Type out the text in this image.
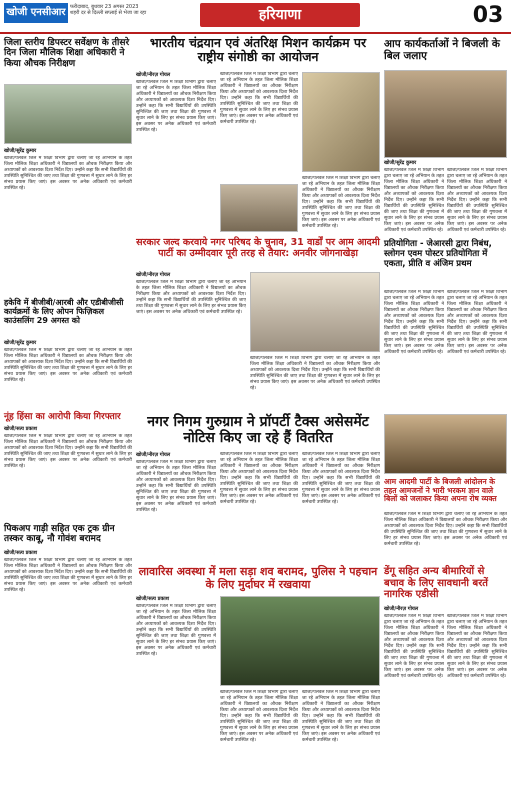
खोजी एनसीआर फरीदाबाद, बुधवार 23 अगस्त 2023
शहरी दर से दिल्ली सप्लाई से भेजा जा रहा	हरियाणा	03
जिला स्तरीय डिपस्टर सर्वेक्षण के तीसरे दिन जिला मौलिक शिक्षा अधिकारी ने किया औचक निरीक्षण
खोजी/सुरेंद्र कुमार
खोजी/पलवल जिले में शिक्षा विभाग द्वारा चलाए जा रहे अभियान के तहत जिला मौलिक शिक्षा अधिकारी ने विद्यालयों का औचक निरीक्षण किया और अध्यापकों को आवश्यक दिशा निर्देश दिए। उन्होंने कहा कि सभी विद्यार्थियों की उपस्थिति सुनिश्चित की जाए तथा शिक्षा की गुणवत्ता में सुधार लाने के लिए हर संभव प्रयास किए जाएं। इस अवसर पर अनेक अधिकारी एवं कर्मचारी उपस्थित रहे।
भारतीय चंद्रयान एवं अंतरिक्ष मिशन कार्यक्रम पर राष्ट्रीय संगोष्ठी का आयोजन
खोजी/नीरज़ गोयल
खोजी/पलवल जिले में शिक्षा विभाग द्वारा चलाए जा रहे अभियान के तहत जिला मौलिक शिक्षा अधिकारी ने विद्यालयों का औचक निरीक्षण किया और अध्यापकों को आवश्यक दिशा निर्देश दिए। उन्होंने कहा कि सभी विद्यार्थियों की उपस्थिति सुनिश्चित की जाए तथा शिक्षा की गुणवत्ता में सुधार लाने के लिए हर संभव प्रयास किए जाएं। इस अवसर पर अनेक अधिकारी एवं कर्मचारी उपस्थित रहे।
खोजी/पलवल जिले में शिक्षा विभाग द्वारा चलाए जा रहे अभियान के तहत जिला मौलिक शिक्षा अधिकारी ने विद्यालयों का औचक निरीक्षण किया और अध्यापकों को आवश्यक दिशा निर्देश दिए। उन्होंने कहा कि सभी विद्यार्थियों की उपस्थिति सुनिश्चित की जाए तथा शिक्षा की गुणवत्ता में सुधार लाने के लिए हर संभव प्रयास किए जाएं। इस अवसर पर अनेक अधिकारी एवं कर्मचारी उपस्थित रहे।
खोजी/पलवल जिले में शिक्षा विभाग द्वारा चलाए जा रहे अभियान के तहत जिला मौलिक शिक्षा अधिकारी ने विद्यालयों का औचक निरीक्षण किया और अध्यापकों को आवश्यक दिशा निर्देश दिए। उन्होंने कहा कि सभी विद्यार्थियों की उपस्थिति सुनिश्चित की जाए तथा शिक्षा की गुणवत्ता में सुधार लाने के लिए हर संभव प्रयास किए जाएं। इस अवसर पर अनेक अधिकारी एवं कर्मचारी उपस्थित रहे।
आप कार्यकर्ताओं ने बिजली के बिल जलाए
खोजी/सुरेंद्र कुमार
खोजी/पलवल जिले में शिक्षा विभाग द्वारा चलाए जा रहे अभियान के तहत जिला मौलिक शिक्षा अधिकारी ने विद्यालयों का औचक निरीक्षण किया और अध्यापकों को आवश्यक दिशा निर्देश दिए। उन्होंने कहा कि सभी विद्यार्थियों की उपस्थिति सुनिश्चित की जाए तथा शिक्षा की गुणवत्ता में सुधार लाने के लिए हर संभव प्रयास किए जाएं। इस अवसर पर अनेक अधिकारी एवं कर्मचारी उपस्थित रहे।
खोजी/पलवल जिले में शिक्षा विभाग द्वारा चलाए जा रहे अभियान के तहत जिला मौलिक शिक्षा अधिकारी ने विद्यालयों का औचक निरीक्षण किया और अध्यापकों को आवश्यक दिशा निर्देश दिए। उन्होंने कहा कि सभी विद्यार्थियों की उपस्थिति सुनिश्चित की जाए तथा शिक्षा की गुणवत्ता में सुधार लाने के लिए हर संभव प्रयास किए जाएं। इस अवसर पर अनेक अधिकारी एवं कर्मचारी उपस्थित रहे।
हकेवि में बीजीबी/आरबी और एडीबीजीसी कार्यक्रमों के लिए ओपन फिज़िकल काउंसलिंग 29 अगस्त को
खोजी/सुरेंद्र कुमार
खोजी/पलवल जिले में शिक्षा विभाग द्वारा चलाए जा रहे अभियान के तहत जिला मौलिक शिक्षा अधिकारी ने विद्यालयों का औचक निरीक्षण किया और अध्यापकों को आवश्यक दिशा निर्देश दिए। उन्होंने कहा कि सभी विद्यार्थियों की उपस्थिति सुनिश्चित की जाए तथा शिक्षा की गुणवत्ता में सुधार लाने के लिए हर संभव प्रयास किए जाएं। इस अवसर पर अनेक अधिकारी एवं कर्मचारी उपस्थित रहे।
सरकार जल्द करवाये नगर परिषद के चुनाव, 31 वार्डों पर आम आदमी पार्टी का उम्मीदवार पूरी तरह से तैयार: अनवीर जोगनाखेड़ा
खोजी/नीरज़ गोयल
खोजी/पलवल जिले में शिक्षा विभाग द्वारा चलाए जा रहे अभियान के तहत जिला मौलिक शिक्षा अधिकारी ने विद्यालयों का औचक निरीक्षण किया और अध्यापकों को आवश्यक दिशा निर्देश दिए। उन्होंने कहा कि सभी विद्यार्थियों की उपस्थिति सुनिश्चित की जाए तथा शिक्षा की गुणवत्ता में सुधार लाने के लिए हर संभव प्रयास किए जाएं। इस अवसर पर अनेक अधिकारी एवं कर्मचारी उपस्थित रहे।
खोजी/पलवल जिले में शिक्षा विभाग द्वारा चलाए जा रहे अभियान के तहत जिला मौलिक शिक्षा अधिकारी ने विद्यालयों का औचक निरीक्षण किया और अध्यापकों को आवश्यक दिशा निर्देश दिए। उन्होंने कहा कि सभी विद्यार्थियों की उपस्थिति सुनिश्चित की जाए तथा शिक्षा की गुणवत्ता में सुधार लाने के लिए हर संभव प्रयास किए जाएं। इस अवसर पर अनेक अधिकारी एवं कर्मचारी उपस्थित रहे।
प्रतियोगिता - जेआरसी द्वारा निबंध, स्लोगन एवम पोस्टर प्रतियोगिता में एकता, प्रीति व अंजिम प्रथम
खोजी/पलवल जिले में शिक्षा विभाग द्वारा चलाए जा रहे अभियान के तहत जिला मौलिक शिक्षा अधिकारी ने विद्यालयों का औचक निरीक्षण किया और अध्यापकों को आवश्यक दिशा निर्देश दिए। उन्होंने कहा कि सभी विद्यार्थियों की उपस्थिति सुनिश्चित की जाए तथा शिक्षा की गुणवत्ता में सुधार लाने के लिए हर संभव प्रयास किए जाएं। इस अवसर पर अनेक अधिकारी एवं कर्मचारी उपस्थित रहे।
खोजी/पलवल जिले में शिक्षा विभाग द्वारा चलाए जा रहे अभियान के तहत जिला मौलिक शिक्षा अधिकारी ने विद्यालयों का औचक निरीक्षण किया और अध्यापकों को आवश्यक दिशा निर्देश दिए। उन्होंने कहा कि सभी विद्यार्थियों की उपस्थिति सुनिश्चित की जाए तथा शिक्षा की गुणवत्ता में सुधार लाने के लिए हर संभव प्रयास किए जाएं। इस अवसर पर अनेक अधिकारी एवं कर्मचारी उपस्थित रहे।
नूंह हिंसा का आरोपी किया गिरफ्तार
खोजी/सत्य प्रकाश
खोजी/पलवल जिले में शिक्षा विभाग द्वारा चलाए जा रहे अभियान के तहत जिला मौलिक शिक्षा अधिकारी ने विद्यालयों का औचक निरीक्षण किया और अध्यापकों को आवश्यक दिशा निर्देश दिए। उन्होंने कहा कि सभी विद्यार्थियों की उपस्थिति सुनिश्चित की जाए तथा शिक्षा की गुणवत्ता में सुधार लाने के लिए हर संभव प्रयास किए जाएं। इस अवसर पर अनेक अधिकारी एवं कर्मचारी उपस्थित रहे।
नगर निगम गुरुग्राम ने प्रॉपर्टी टैक्स असेसमेंट नोटिस किए जा रहे हैं वितरित
खोजी/नीरज़ गोयल
खोजी/पलवल जिले में शिक्षा विभाग द्वारा चलाए जा रहे अभियान के तहत जिला मौलिक शिक्षा अधिकारी ने विद्यालयों का औचक निरीक्षण किया और अध्यापकों को आवश्यक दिशा निर्देश दिए। उन्होंने कहा कि सभी विद्यार्थियों की उपस्थिति सुनिश्चित की जाए तथा शिक्षा की गुणवत्ता में सुधार लाने के लिए हर संभव प्रयास किए जाएं। इस अवसर पर अनेक अधिकारी एवं कर्मचारी उपस्थित रहे।
खोजी/पलवल जिले में शिक्षा विभाग द्वारा चलाए जा रहे अभियान के तहत जिला मौलिक शिक्षा अधिकारी ने विद्यालयों का औचक निरीक्षण किया और अध्यापकों को आवश्यक दिशा निर्देश दिए। उन्होंने कहा कि सभी विद्यार्थियों की उपस्थिति सुनिश्चित की जाए तथा शिक्षा की गुणवत्ता में सुधार लाने के लिए हर संभव प्रयास किए जाएं। इस अवसर पर अनेक अधिकारी एवं कर्मचारी उपस्थित रहे।
खोजी/पलवल जिले में शिक्षा विभाग द्वारा चलाए जा रहे अभियान के तहत जिला मौलिक शिक्षा अधिकारी ने विद्यालयों का औचक निरीक्षण किया और अध्यापकों को आवश्यक दिशा निर्देश दिए। उन्होंने कहा कि सभी विद्यार्थियों की उपस्थिति सुनिश्चित की जाए तथा शिक्षा की गुणवत्ता में सुधार लाने के लिए हर संभव प्रयास किए जाएं। इस अवसर पर अनेक अधिकारी एवं कर्मचारी उपस्थित रहे।
आम आदमी पार्टी के बिजली आंदोलन के तहत आमजनों ने भारी भरकम ज्ञान वाले बिलों को जलाकर किया अपना रोष व्यक्त
खोजी/पलवल जिले में शिक्षा विभाग द्वारा चलाए जा रहे अभियान के तहत जिला मौलिक शिक्षा अधिकारी ने विद्यालयों का औचक निरीक्षण किया और अध्यापकों को आवश्यक दिशा निर्देश दिए। उन्होंने कहा कि सभी विद्यार्थियों की उपस्थिति सुनिश्चित की जाए तथा शिक्षा की गुणवत्ता में सुधार लाने के लिए हर संभव प्रयास किए जाएं। इस अवसर पर अनेक अधिकारी एवं कर्मचारी उपस्थित रहे।
पिकअप गाड़ी सहित एक ट्रक ग्रीन तस्कर काबू, नौ गोवंश बरामद
खोजी/सत्य प्रकाश
खोजी/पलवल जिले में शिक्षा विभाग द्वारा चलाए जा रहे अभियान के तहत जिला मौलिक शिक्षा अधिकारी ने विद्यालयों का औचक निरीक्षण किया और अध्यापकों को आवश्यक दिशा निर्देश दिए। उन्होंने कहा कि सभी विद्यार्थियों की उपस्थिति सुनिश्चित की जाए तथा शिक्षा की गुणवत्ता में सुधार लाने के लिए हर संभव प्रयास किए जाएं। इस अवसर पर अनेक अधिकारी एवं कर्मचारी उपस्थित रहे।
लावारिस अवस्था में मला सड़ा शव बरामद, पुलिस ने पहचान के लिए मुर्दाघर में रखवाया
खोजी/सत्य प्रकाश
खोजी/पलवल जिले में शिक्षा विभाग द्वारा चलाए जा रहे अभियान के तहत जिला मौलिक शिक्षा अधिकारी ने विद्यालयों का औचक निरीक्षण किया और अध्यापकों को आवश्यक दिशा निर्देश दिए। उन्होंने कहा कि सभी विद्यार्थियों की उपस्थिति सुनिश्चित की जाए तथा शिक्षा की गुणवत्ता में सुधार लाने के लिए हर संभव प्रयास किए जाएं। इस अवसर पर अनेक अधिकारी एवं कर्मचारी उपस्थित रहे।
खोजी/पलवल जिले में शिक्षा विभाग द्वारा चलाए जा रहे अभियान के तहत जिला मौलिक शिक्षा अधिकारी ने विद्यालयों का औचक निरीक्षण किया और अध्यापकों को आवश्यक दिशा निर्देश दिए। उन्होंने कहा कि सभी विद्यार्थियों की उपस्थिति सुनिश्चित की जाए तथा शिक्षा की गुणवत्ता में सुधार लाने के लिए हर संभव प्रयास किए जाएं। इस अवसर पर अनेक अधिकारी एवं कर्मचारी उपस्थित रहे।
खोजी/पलवल जिले में शिक्षा विभाग द्वारा चलाए जा रहे अभियान के तहत जिला मौलिक शिक्षा अधिकारी ने विद्यालयों का औचक निरीक्षण किया और अध्यापकों को आवश्यक दिशा निर्देश दिए। उन्होंने कहा कि सभी विद्यार्थियों की उपस्थिति सुनिश्चित की जाए तथा शिक्षा की गुणवत्ता में सुधार लाने के लिए हर संभव प्रयास किए जाएं। इस अवसर पर अनेक अधिकारी एवं कर्मचारी उपस्थित रहे।
डेंगू सहित अन्य बीमारियों से बचाव के लिए सावधानी बरतें नागरिक एडीसी
खोजी/नीरज़ गोयल
खोजी/पलवल जिले में शिक्षा विभाग द्वारा चलाए जा रहे अभियान के तहत जिला मौलिक शिक्षा अधिकारी ने विद्यालयों का औचक निरीक्षण किया और अध्यापकों को आवश्यक दिशा निर्देश दिए। उन्होंने कहा कि सभी विद्यार्थियों की उपस्थिति सुनिश्चित की जाए तथा शिक्षा की गुणवत्ता में सुधार लाने के लिए हर संभव प्रयास किए जाएं। इस अवसर पर अनेक अधिकारी एवं कर्मचारी उपस्थित रहे।
खोजी/पलवल जिले में शिक्षा विभाग द्वारा चलाए जा रहे अभियान के तहत जिला मौलिक शिक्षा अधिकारी ने विद्यालयों का औचक निरीक्षण किया और अध्यापकों को आवश्यक दिशा निर्देश दिए। उन्होंने कहा कि सभी विद्यार्थियों की उपस्थिति सुनिश्चित की जाए तथा शिक्षा की गुणवत्ता में सुधार लाने के लिए हर संभव प्रयास किए जाएं। इस अवसर पर अनेक अधिकारी एवं कर्मचारी उपस्थित रहे।
